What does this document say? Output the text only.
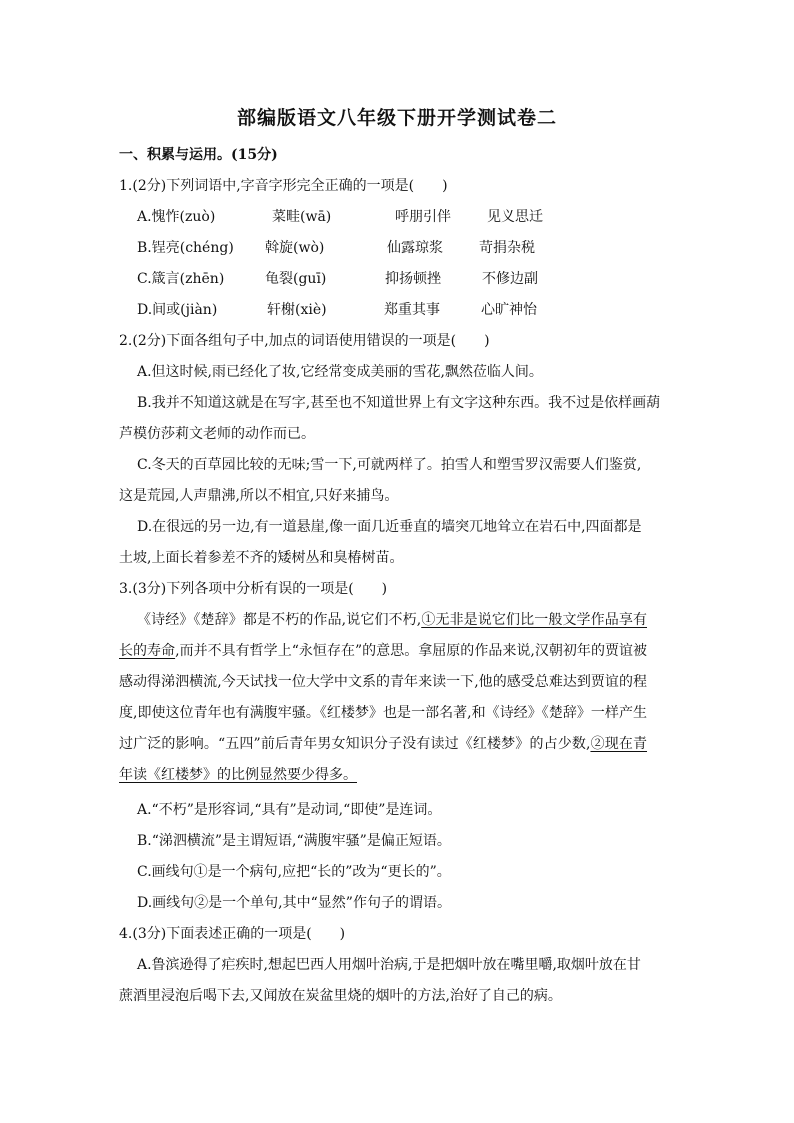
部编版语文八年级下册开学测试卷二
一、积累与运用。(15分)
1.(2分)下列词语中,字音字形完全正确的一项是(　　)
A.愧怍(zuò)	菜畦(wā)	呼朋引伴	见义思迁
B.锃亮(chéng) 斡旋(wò)	仙露琼浆	苛捐杂税
C.箴言(zhēn)	龟裂(guī)	抑扬顿挫	不修边副
D.间或(jiàn)	轩榭(xiè)	郑重其事	心旷神怡
2.(2分)下面各组句子中,加点的词语使用错误的一项是(　　)
A.但这时候,雨已经化了妆,它经常变成美丽的雪花,飘然莅临人间。
B.我并不知道这就是在写字,甚至也不知道世界上有文字这种东西。我不过是依样画葫
芦模仿莎莉文老师的动作而已。
C.冬天的百草园比较的无味;雪一下,可就两样了。拍雪人和塑雪罗汉需要人们鉴赏,
这是荒园,人声鼎沸,所以不相宜,只好来捕鸟。
D.在很远的另一边,有一道悬崖,像一面几近垂直的墙突兀地耸立在岩石中,四面都是
土坡,上面长着参差不齐的矮树丛和臭椿树苗。
3.(3分)下列各项中分析有误的一项是(　　)
《诗经》《楚辞》都是不朽的作品,说它们不朽,①无非是说它们比一般文学作品享有长的寿命,而并不具有哲学上“永恒存在”的意思。拿屈原的作品来说,汉朝初年的贾谊被感动得涕泗横流,今天试找一位大学中文系的青年来读一下,他的感受总难达到贾谊的程度,即使这位青年也有满腹牢骚。《红楼梦》也是一部名著,和《诗经》《楚辞》一样产生过广泛的影响。“五四”前后青年男女知识分子没有读过《红楼梦》的占少数,②现在青年读《红楼梦》的比例显然要少得多。
A.“不朽”是形容词,“具有”是动词,“即使”是连词。
B.“涕泗横流”是主谓短语,“满腹牢骚”是偏正短语。
C.画线句①是一个病句,应把“长的”改为“更长的”。
D.画线句②是一个单句,其中“显然”作句子的谓语。
4.(3分)下面表述正确的一项是(　　)
A.鲁滨逊得了疟疾时,想起巴西人用烟叶治病,于是把烟叶放在嘴里嚼,取烟叶放在甘
蔗酒里浸泡后喝下去,又闻放在炭盆里烧的烟叶的方法,治好了自己的病。
